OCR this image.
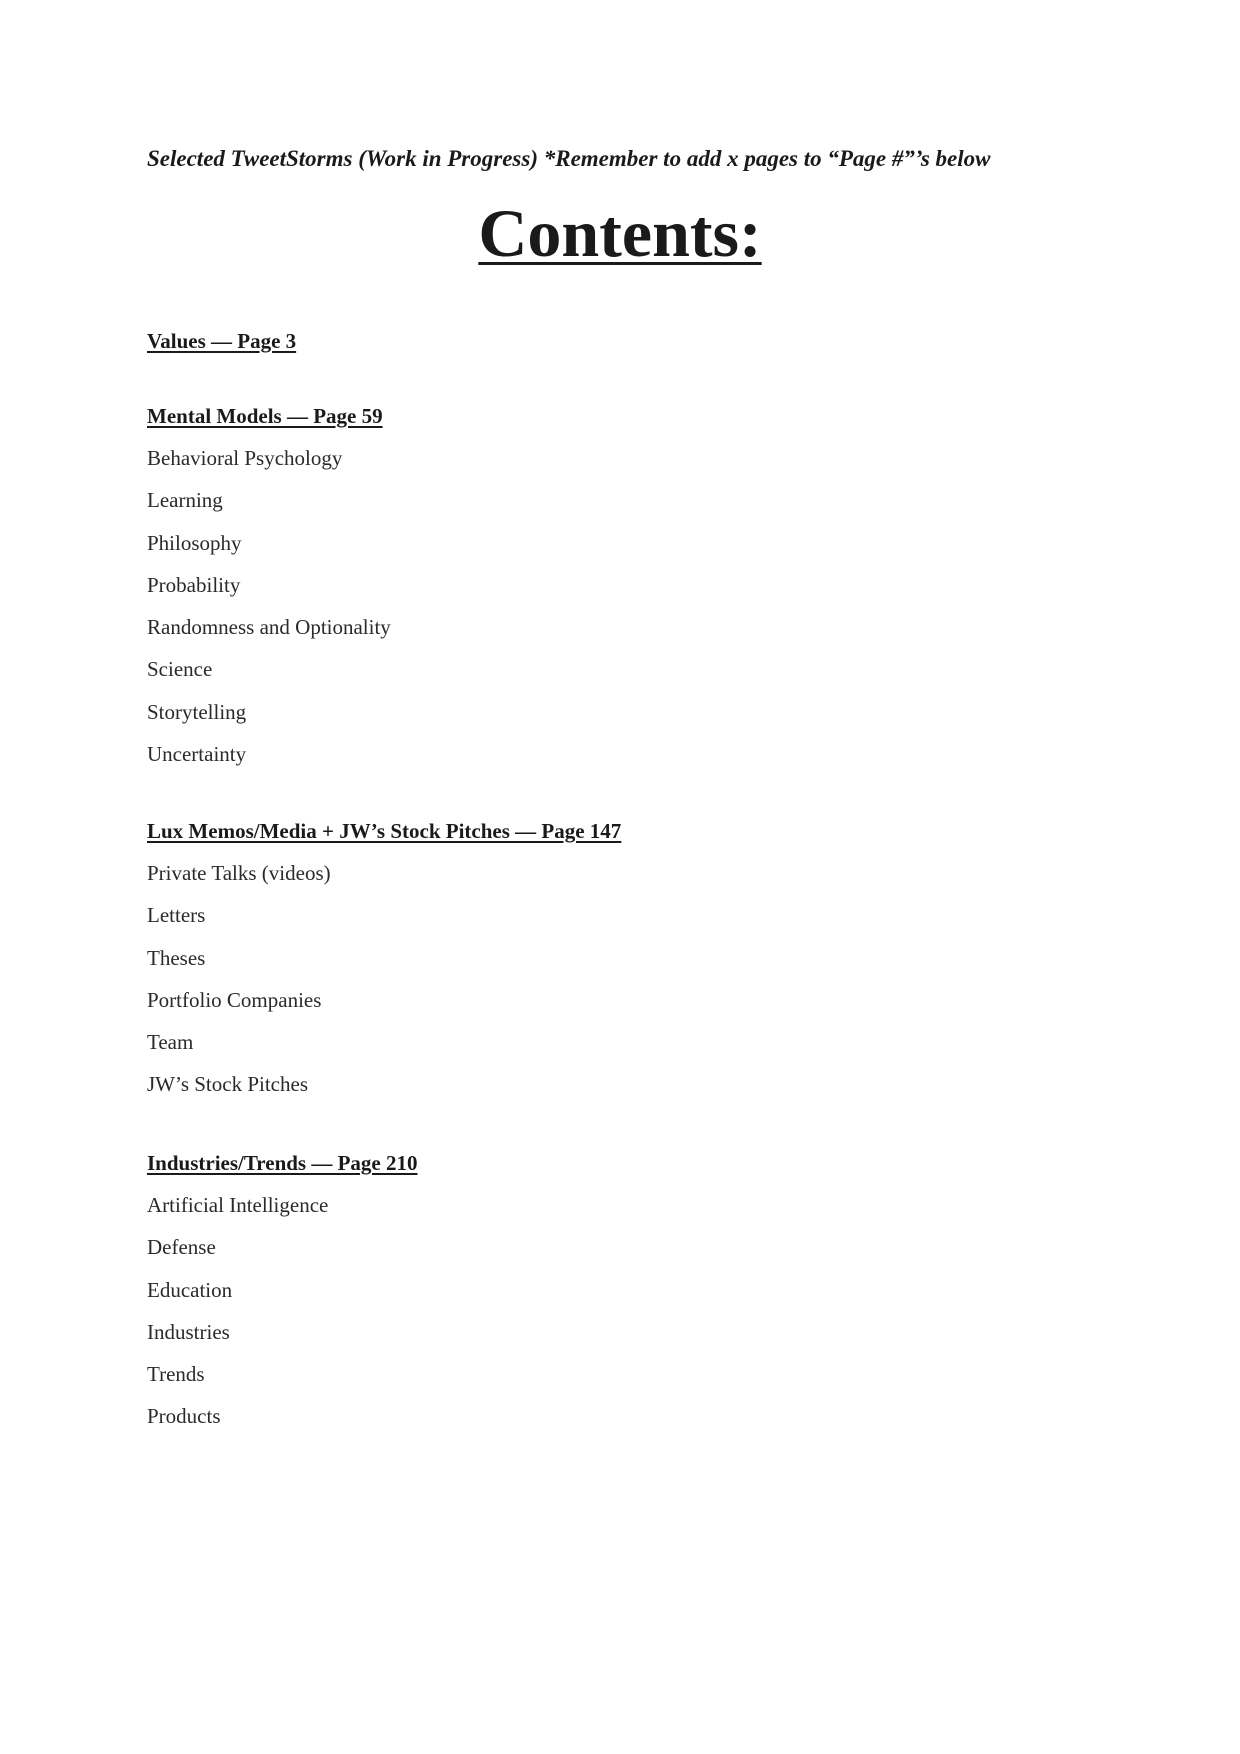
Selected TweetStorms (Work in Progress) *Remember to add x pages to “Page #”’s below

Contents:

Values — Page 3

Mental Models — Page 59

Behavioral Psychology
Learning
Philosophy
Probability
Randomness and Optionality
Science
Storytelling
Uncertainty

Lux Memos/Media + JW’s Stock Pitches — Page 147

Private Talks (videos)
Letters
Theses
Portfolio Companies
Team
JW’s Stock Pitches

Industries/Trends — Page 210

Artificial Intelligence
Defense
Education
Industries
Trends
Products
